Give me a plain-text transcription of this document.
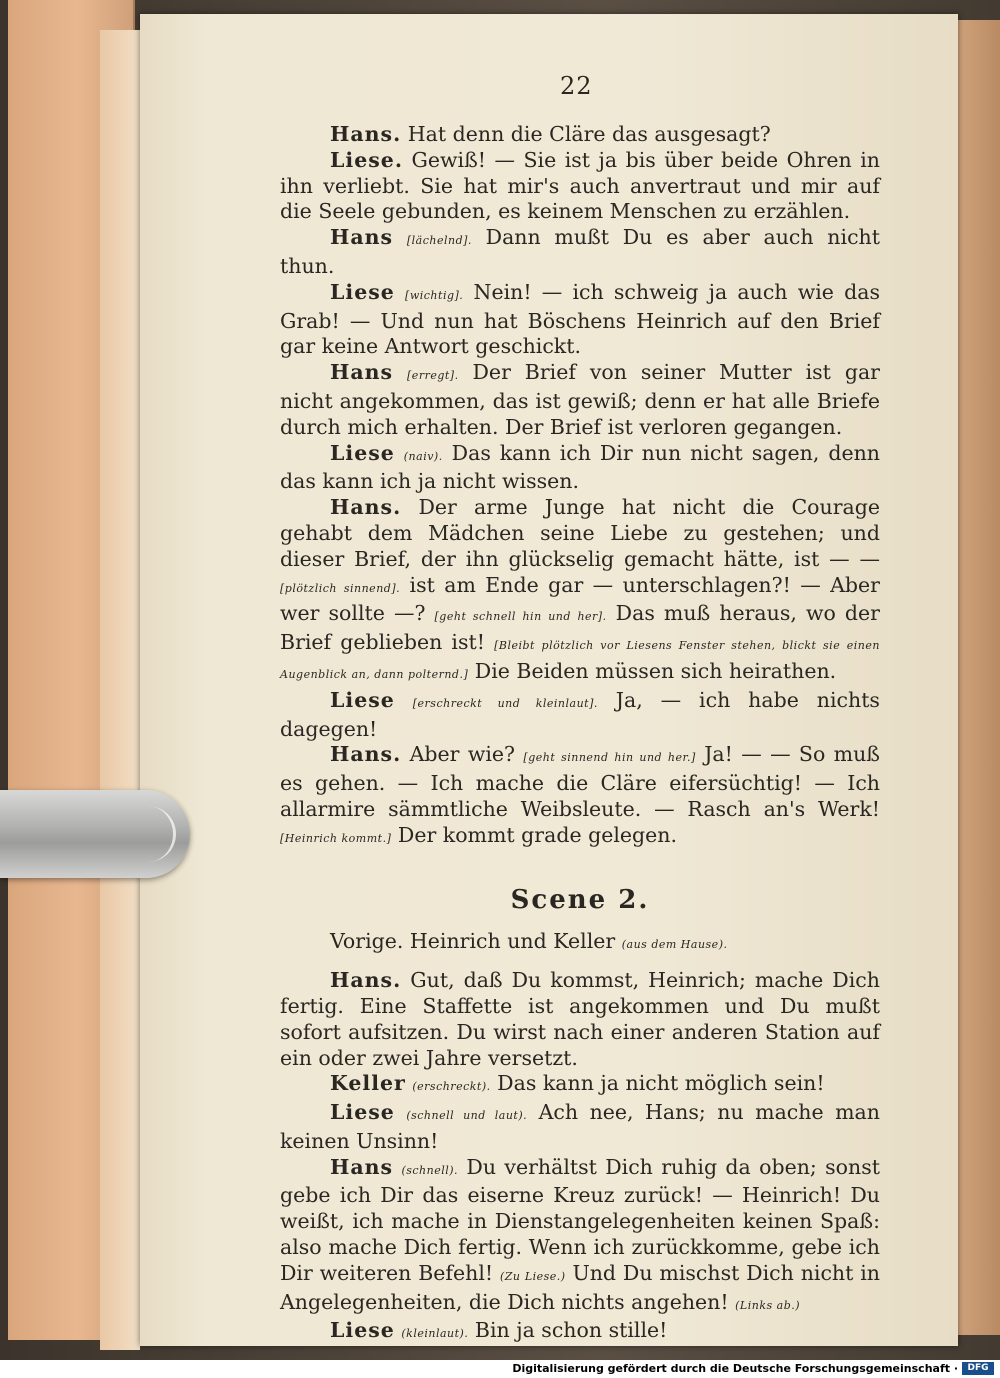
22

Hans. Hat denn die Cläre das ausgesagt?

Liese. Gewiß! — Sie ist ja bis über beide Ohren in ihn verliebt. Sie hat mir's auch anvertraut und mir auf die Seele gebunden, es keinem Menschen zu erzählen.

Hans [lächelnd]. Dann mußt Du es aber auch nicht thun.

Liese [wichtig]. Nein! — ich schweig ja auch wie das Grab! — Und nun hat Böschens Heinrich auf den Brief gar keine Antwort geschickt.

Hans [erregt]. Der Brief von seiner Mutter ist gar nicht angekommen, das ist gewiß; denn er hat alle Briefe durch mich erhalten. Der Brief ist verloren gegangen.

Liese (naiv). Das kann ich Dir nun nicht sagen, denn das kann ich ja nicht wissen.

Hans. Der arme Junge hat nicht die Courage gehabt dem Mädchen seine Liebe zu gestehen; und dieser Brief, der ihn glückselig gemacht hätte, ist — — [plötzlich sinnend]. ist am Ende gar — unterschlagen?! — Aber wer sollte —? [geht schnell hin und her]. Das muß heraus, wo der Brief geblieben ist! [Bleibt plötzlich vor Liesens Fenster stehen, blickt sie einen Augenblick an, dann polternd.] Die Beiden müssen sich heirathen.

Liese [erschreckt und kleinlaut]. Ja, — ich habe nichts dagegen!

Hans. Aber wie? [geht sinnend hin und her.] Ja! — — So muß es gehen. — Ich mache die Cläre eifersüchtig! — Ich allarmire sämmtliche Weibsleute. — Rasch an's Werk! [Heinrich kommt.] Der kommt grade gelegen.

Scene 2.

Vorige. Heinrich und Keller (aus dem Hause).

Hans. Gut, daß Du kommst, Heinrich; mache Dich fertig. Eine Staffette ist angekommen und Du mußt sofort aufsitzen. Du wirst nach einer anderen Station auf ein oder zwei Jahre versetzt.

Keller (erschreckt). Das kann ja nicht möglich sein!

Liese (schnell und laut). Ach nee, Hans; nu mache man keinen Unsinn!

Hans (schnell). Du verhältst Dich ruhig da oben; sonst gebe ich Dir das eiserne Kreuz zurück! — Heinrich! Du weißt, ich mache in Dienstangelegenheiten keinen Spaß: also mache Dich fertig. Wenn ich zurückkomme, gebe ich Dir weiteren Befehl! (Zu Liese.) Und Du mischst Dich nicht in Angelegenheiten, die Dich nichts angehen! (Links ab.)

Liese (kleinlaut). Bin ja schon stille!

Digitalisierung gefördert durch die Deutsche Forschungsgemeinschaft ·	DFG
